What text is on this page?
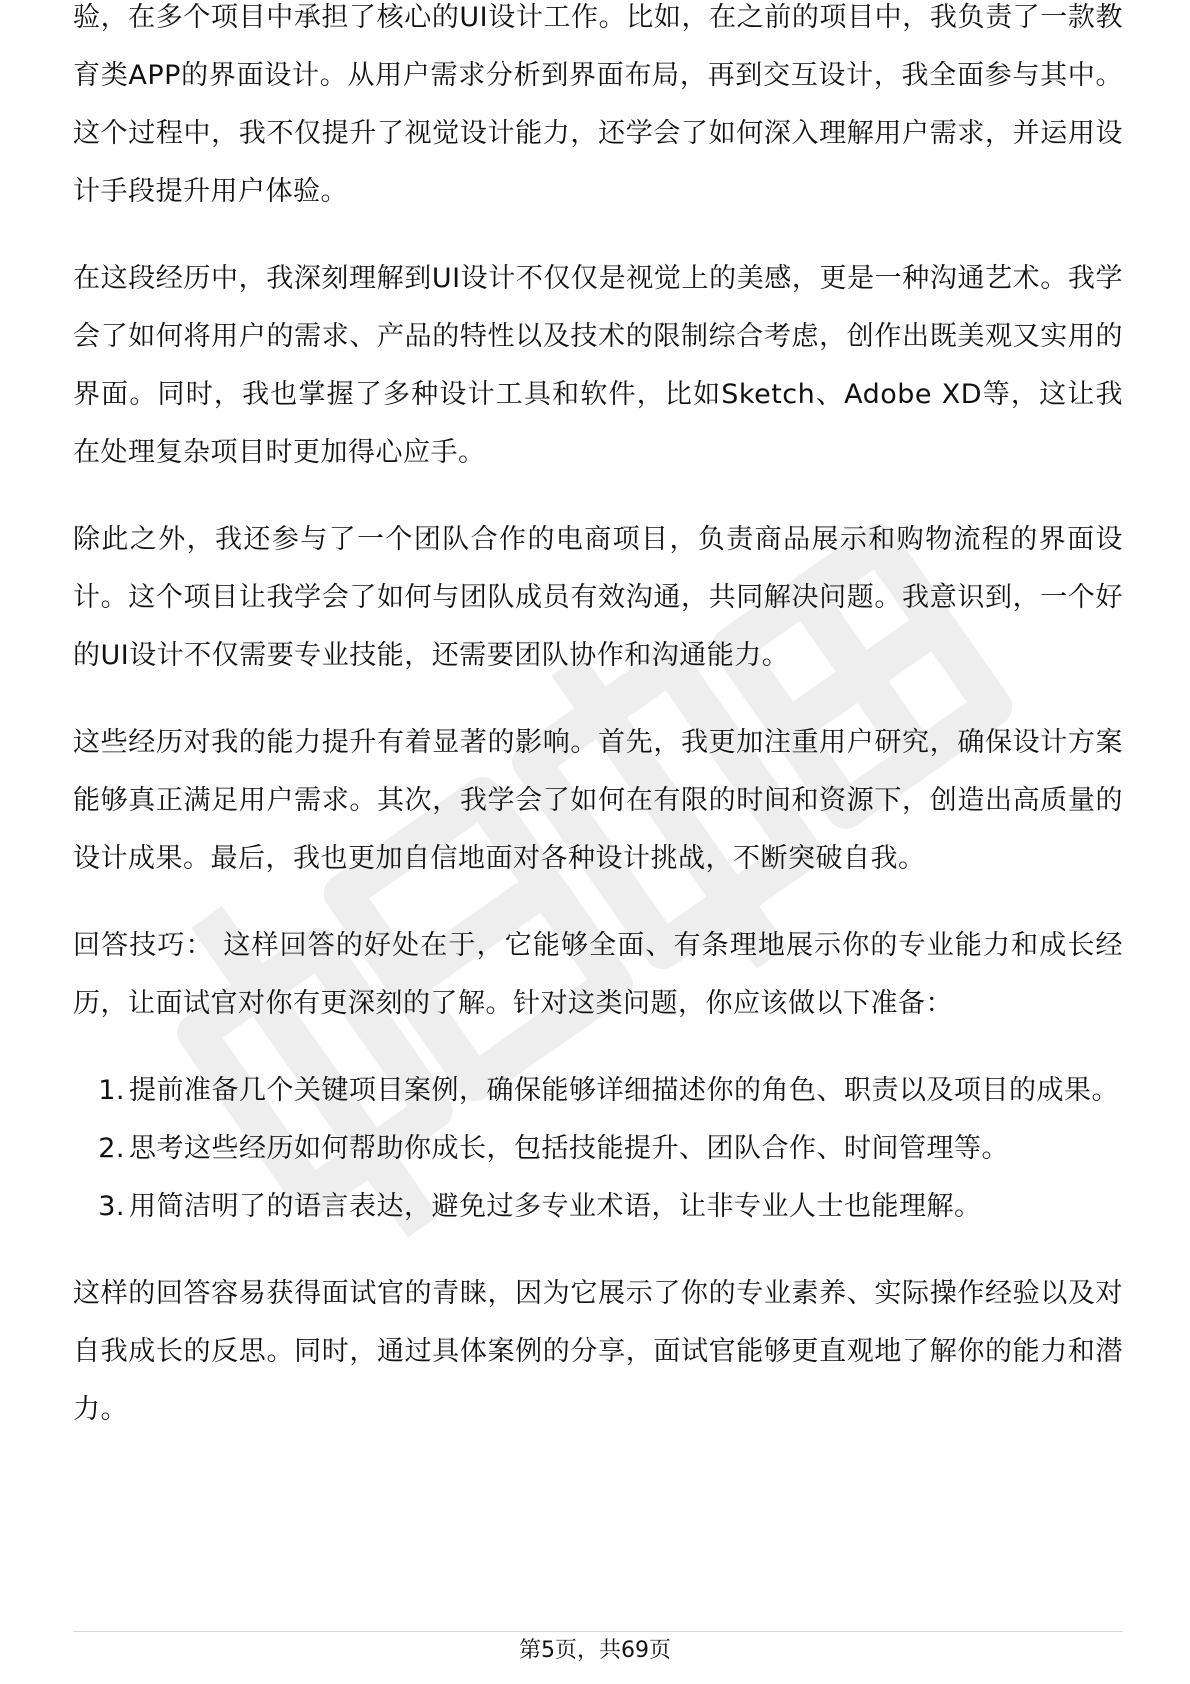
验，在多个项目中承担了核心的UI设计工作。比如，在之前的项目中，我负责了一款教育类APP的界面设计。从用户需求分析到界面布局，再到交互设计，我全面参与其中。这个过程中，我不仅提升了视觉设计能力，还学会了如何深入理解用户需求，并运用设计手段提升用户体验。

在这段经历中，我深刻理解到UI设计不仅仅是视觉上的美感，更是一种沟通艺术。我学会了如何将用户的需求、产品的特性以及技术的限制综合考虑，创作出既美观又实用的界面。同时，我也掌握了多种设计工具和软件，比如Sketch、Adobe XD等，这让我在处理复杂项目时更加得心应手。

除此之外，我还参与了一个团队合作的电商项目，负责商品展示和购物流程的界面设计。这个项目让我学会了如何与团队成员有效沟通，共同解决问题。我意识到，一个好的UI设计不仅需要专业技能，还需要团队协作和沟通能力。

这些经历对我的能力提升有着显著的影响。首先，我更加注重用户研究，确保设计方案能够真正满足用户需求。其次，我学会了如何在有限的时间和资源下，创造出高质量的设计成果。最后，我也更加自信地面对各种设计挑战，不断突破自我。

回答技巧： 这样回答的好处在于，它能够全面、有条理地展示你的专业能力和成长经历，让面试官对你有更深刻的了解。针对这类问题，你应该做以下准备：

1. 提前准备几个关键项目案例，确保能够详细描述你的角色、职责以及项目的成果。
2. 思考这些经历如何帮助你成长，包括技能提升、团队合作、时间管理等。
3. 用简洁明了的语言表达，避免过多专业术语，让非专业人士也能理解。

这样的回答容易获得面试官的青睐，因为它展示了你的专业素养、实际操作经验以及对自我成长的反思。同时，通过具体案例的分享，面试官能够更直观地了解你的能力和潜力。

第5页，共69页
